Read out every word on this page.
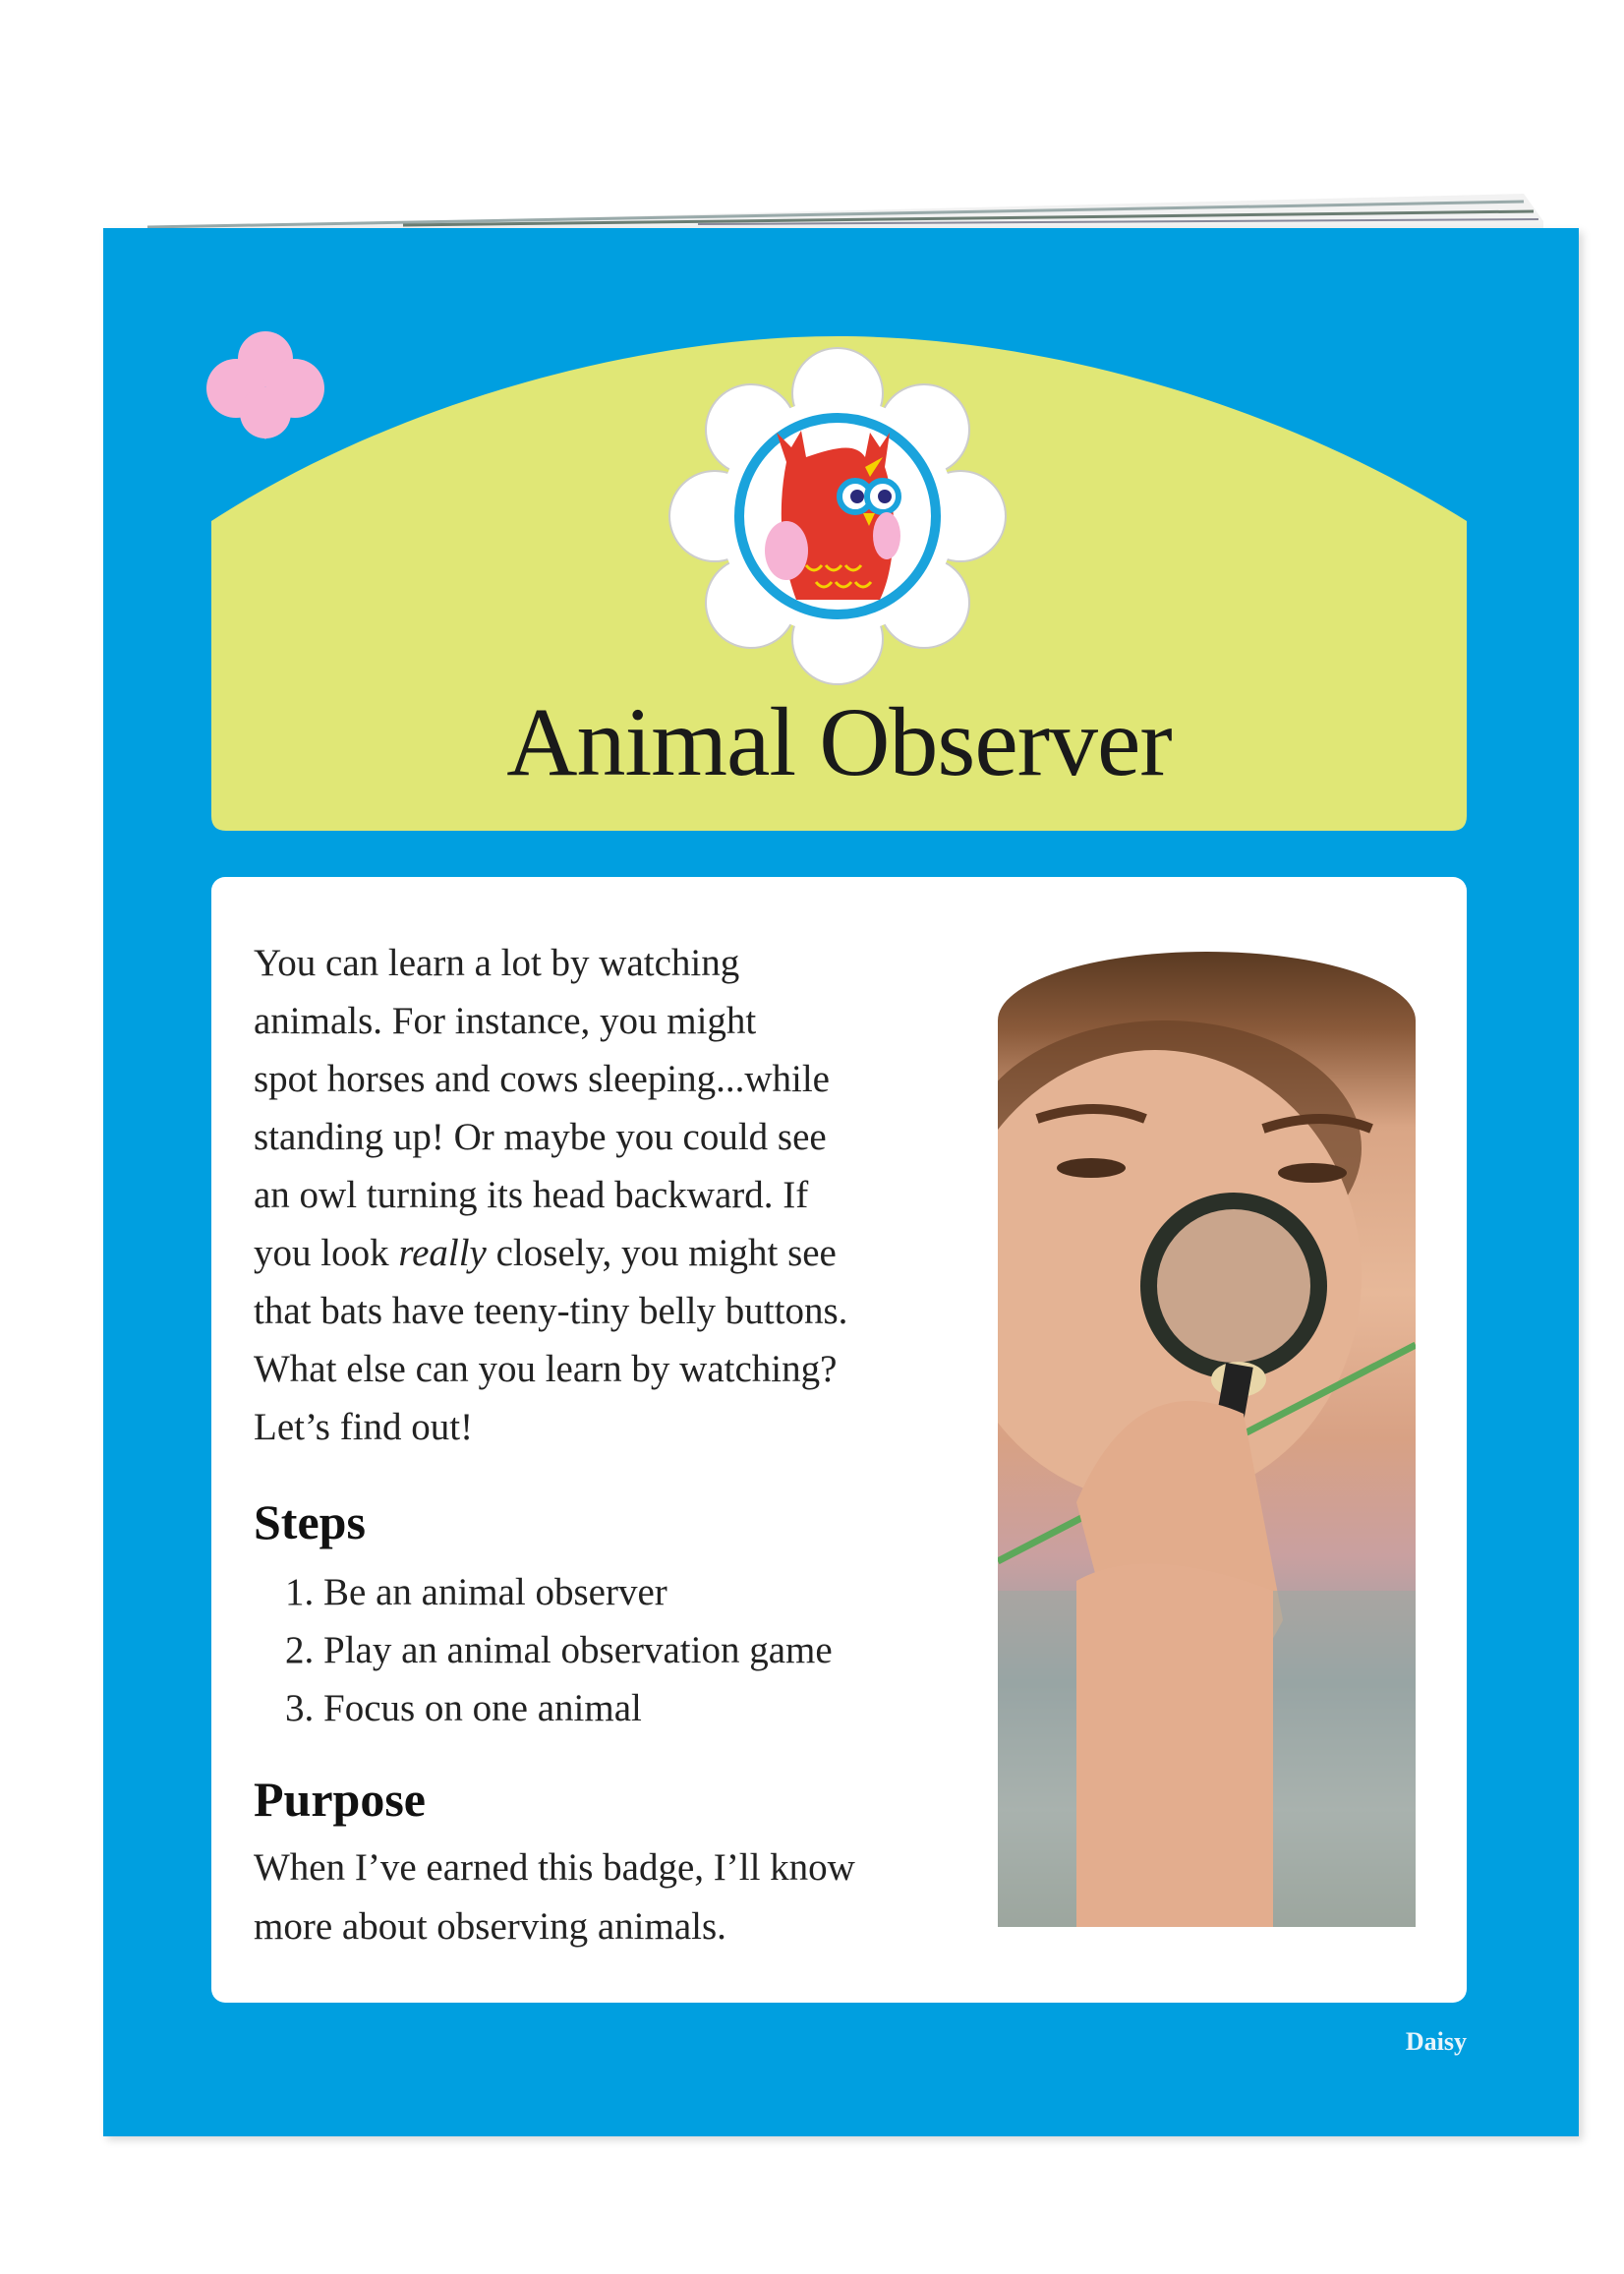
Animal Observer
You can learn a lot by watching
animals. For instance, you might
spot horses and cows sleeping...while
standing up! Or maybe you could see
an owl turning its head backward. If
you look really closely, you might see
that bats have teeny-tiny belly buttons.
What else can you learn by watching?
Let’s find out!
Steps
1. Be an animal observer
2. Play an animal observation game
3. Focus on one animal
Purpose
When I’ve earned this badge, I’ll know
more about observing animals.
Daisy
